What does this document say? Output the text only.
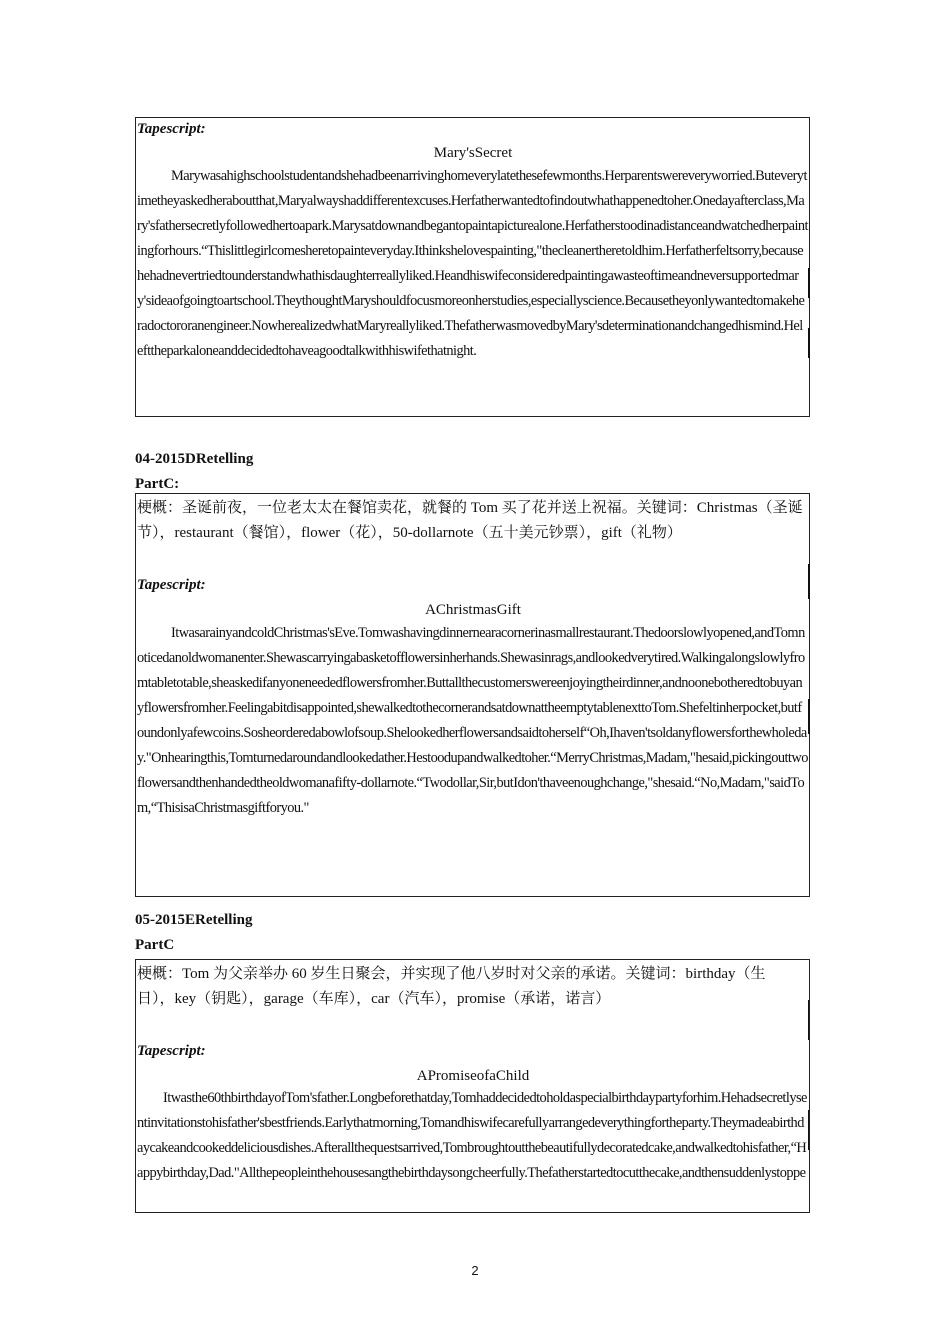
Tapescript:
Mary'sSecret
Marywasahighschoolstudentandshehadbeenarrivinghomeverylatethesefewmonths.Herparentswereveryworried.Buteverytimetheyaskedheraboutthat,Maryalwayshaddifferentexcuses.Herfatherwantedtofindoutwhathappenedtoher.Onedayafterclass,Mary'sfathersecretlyfollowedhertoapark.Marysatdownandbegantopaintapicturealone.Herfatherstoodinadistanceandwatchedherpaintingforhours.“Thislittlegirlcomesheretopainteveryday.Ithinkshelovespainting,"thecleanertheretoldhim.Herfatherfeltsorry,becausehehadnevertriedtounderstandwhathisdaughterreallyliked.Heandhiswifeconsideredpaintingawasteoftimeandneversupportedmary'sideaofgoingtoartschool.TheythoughtMaryshouldfocusmoreonherstudies,especiallyscience.Becausetheyonlywantedtomakeheradoctororanengineer.NowherealizedwhatMaryreallyliked.ThefatherwasmovedbyMary'sdeterminationandchangedhismind.Helefttheparkaloneanddecidedtohaveagoodtalkwithhiswifethatnight.
04-2015DRetelling
PartC:
梗概：圣诞前夜，一位老太太在餐馆卖花，就餐的 Tom 买了花并送上祝福。关键词：Christmas（圣诞节），restaurant（餐馆），flower（花），50-dollarnote（五十美元钞票），gift（礼物）
Tapescript:
AChristmasGift
ItwasarainyandcoldChristmas'sEve.Tomwashavingdinnernearacornerinasmallrestaurant.Thedoorslowlyopened,andTomnoticedanoldwomanenter.Shewascarryingabasketofflowersinherhands.Shewasinrags,andlookedverytired.Walkingalongslowlyfromtabletotable,sheaskedifanyoneneededflowersfromher.Buttallthecustomerswereenjoyingtheirdinner,andnoonebotheredtobuyanyflowersfromher.Feelingabitdisappointed,shewalkedtothecornerandsatdownattheemptytablenexttoTom.Shefeltinherpocket,butfoundonlyafewcoins.Sosheorderedabowlofsoup.Shelookedherflowersandsaidtoherself“Oh,Ihaven'tsoldanyflowersforthewholeday."Onhearingthis,Tomturnedaroundandlookedather.Hestoodupandwalkedtoher.“MerryChristmas,Madam,"hesaid,pickingouttwoflowersandthenhandedtheoldwomanafifty-dollarnote.“Twodollar,Sir,butIdon'thaveenoughchange,"shesaid.“No,Madam,"saidTom,“ThisisaChristmasgiftforyou."
05-2015ERetelling
PartC
梗概：Tom 为父亲举办 60 岁生日聚会，并实现了他八岁时对父亲的承诺。关键词：birthday（生日），key（钥匙），garage（车库），car（汽车），promise（承诺，诺言）
Tapescript:
APromiseofaChild
Itwasthe60thbirthdayofTom'sfather.Longbeforethatday,Tomhaddecidedtoholdaspecialbirthdaypartyforhim.Hehadsecretlysentinvitationstohisfather'sbestfriends.Earlythatmorning,Tomandhiswifecarefullyarrangedeverythingfortheparty.Theymadeabirthdaycakeandcookeddeliciousdishes.Afterallthequestsarrived,Tombroughtoutthebeautifullydecoratedcake,andwalkedtohisfather,“Happybirthday,Dad."Allthepeopleinthehousesangthebirthdaysongcheerfully.Thefatherstartedtocutthecake,andthensuddenlystoppe
2
